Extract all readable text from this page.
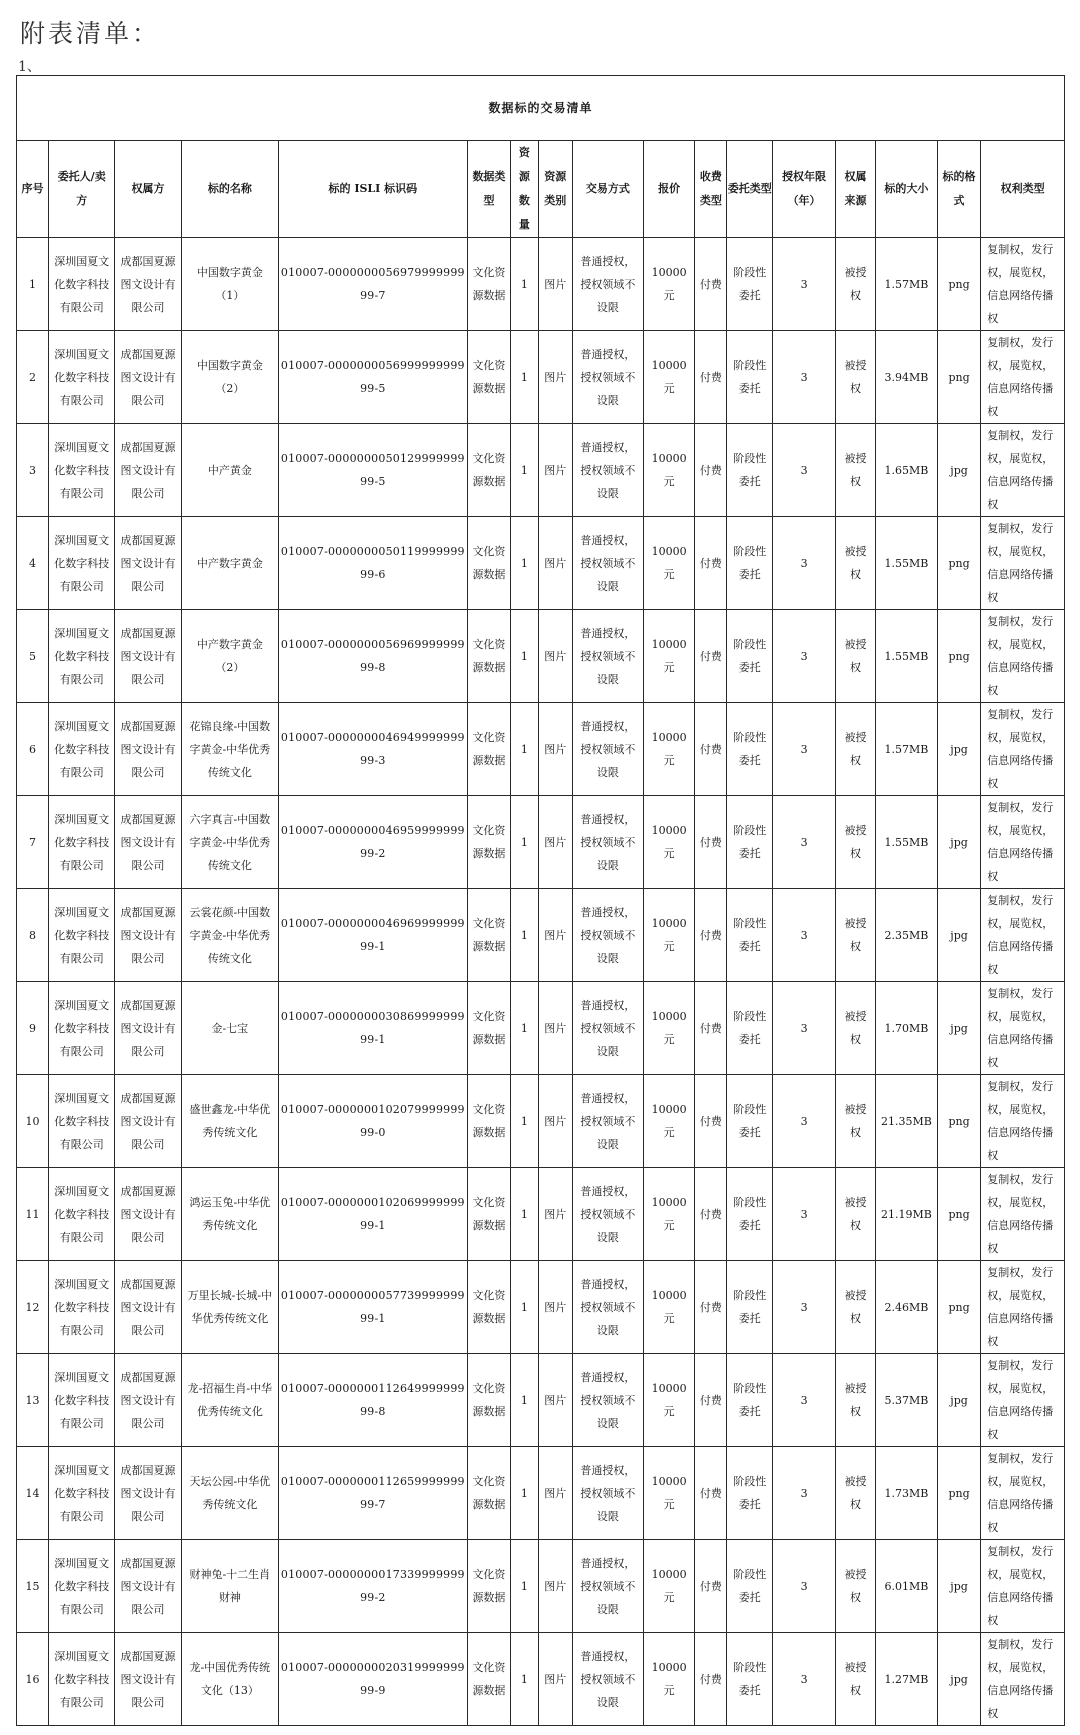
附表清单：
1、
数据标的交易清单																
序号	委托人/卖方	权属方	标的名称	标的 ISLI 标识码	数据类型	资源数量	资源类别	交易方式	报价	收费类型	委托类型	授权年限（年）	权属来源	标的大小	标的格式	权利类型
1	深圳国夏文化数字科技有限公司	成都国夏源图文设计有限公司	中国数字黄金（1）	010007-000000005697999999999-7	文化资源数据	1	图片	普通授权，授权领域不设限	10000元	付费	阶段性委托	3	被授权	1.57MB	png	复制权，发行权，展览权，信息网络传播权
2	深圳国夏文化数字科技有限公司	成都国夏源图文设计有限公司	中国数字黄金（2）	010007-000000005699999999999-5	文化资源数据	1	图片	普通授权，授权领域不设限	10000元	付费	阶段性委托	3	被授权	3.94MB	png	复制权，发行权，展览权，信息网络传播权
3	深圳国夏文化数字科技有限公司	成都国夏源图文设计有限公司	中产黄金	010007-000000005012999999999-5	文化资源数据	1	图片	普通授权，授权领域不设限	10000元	付费	阶段性委托	3	被授权	1.65MB	jpg	复制权，发行权，展览权，信息网络传播权
4	深圳国夏文化数字科技有限公司	成都国夏源图文设计有限公司	中产数字黄金	010007-000000005011999999999-6	文化资源数据	1	图片	普通授权，授权领域不设限	10000元	付费	阶段性委托	3	被授权	1.55MB	png	复制权，发行权，展览权，信息网络传播权
5	深圳国夏文化数字科技有限公司	成都国夏源图文设计有限公司	中产数字黄金（2）	010007-000000005696999999999-8	文化资源数据	1	图片	普通授权，授权领域不设限	10000元	付费	阶段性委托	3	被授权	1.55MB	png	复制权，发行权，展览权，信息网络传播权
6	深圳国夏文化数字科技有限公司	成都国夏源图文设计有限公司	花锦良缘-中国数字黄金-中华优秀传统文化	010007-000000004694999999999-3	文化资源数据	1	图片	普通授权，授权领域不设限	10000元	付费	阶段性委托	3	被授权	1.57MB	jpg	复制权，发行权，展览权，信息网络传播权
7	深圳国夏文化数字科技有限公司	成都国夏源图文设计有限公司	六字真言-中国数字黄金-中华优秀传统文化	010007-000000004695999999999-2	文化资源数据	1	图片	普通授权，授权领域不设限	10000元	付费	阶段性委托	3	被授权	1.55MB	jpg	复制权，发行权，展览权，信息网络传播权
8	深圳国夏文化数字科技有限公司	成都国夏源图文设计有限公司	云裳花颜-中国数字黄金-中华优秀传统文化	010007-000000004696999999999-1	文化资源数据	1	图片	普通授权，授权领域不设限	10000元	付费	阶段性委托	3	被授权	2.35MB	jpg	复制权，发行权，展览权，信息网络传播权
9	深圳国夏文化数字科技有限公司	成都国夏源图文设计有限公司	金-七宝	010007-000000003086999999999-1	文化资源数据	1	图片	普通授权，授权领域不设限	10000元	付费	阶段性委托	3	被授权	1.70MB	jpg	复制权，发行权，展览权，信息网络传播权
10	深圳国夏文化数字科技有限公司	成都国夏源图文设计有限公司	盛世鑫龙-中华优秀传统文化	010007-000000010207999999999-0	文化资源数据	1	图片	普通授权，授权领域不设限	10000元	付费	阶段性委托	3	被授权	21.35MB	png	复制权，发行权，展览权，信息网络传播权
11	深圳国夏文化数字科技有限公司	成都国夏源图文设计有限公司	鸿运玉兔-中华优秀传统文化	010007-000000010206999999999-1	文化资源数据	1	图片	普通授权，授权领域不设限	10000元	付费	阶段性委托	3	被授权	21.19MB	png	复制权，发行权，展览权，信息网络传播权
12	深圳国夏文化数字科技有限公司	成都国夏源图文设计有限公司	万里长城-长城-中华优秀传统文化	010007-000000005773999999999-1	文化资源数据	1	图片	普通授权，授权领域不设限	10000元	付费	阶段性委托	3	被授权	2.46MB	png	复制权，发行权，展览权，信息网络传播权
13	深圳国夏文化数字科技有限公司	成都国夏源图文设计有限公司	龙-招福生肖-中华优秀传统文化	010007-000000011264999999999-8	文化资源数据	1	图片	普通授权，授权领域不设限	10000元	付费	阶段性委托	3	被授权	5.37MB	jpg	复制权，发行权，展览权，信息网络传播权
14	深圳国夏文化数字科技有限公司	成都国夏源图文设计有限公司	天坛公园-中华优秀传统文化	010007-000000011265999999999-7	文化资源数据	1	图片	普通授权，授权领域不设限	10000元	付费	阶段性委托	3	被授权	1.73MB	png	复制权，发行权，展览权，信息网络传播权
15	深圳国夏文化数字科技有限公司	成都国夏源图文设计有限公司	财神兔-十二生肖财神	010007-000000001733999999999-2	文化资源数据	1	图片	普通授权，授权领域不设限	10000元	付费	阶段性委托	3	被授权	6.01MB	jpg	复制权，发行权，展览权，信息网络传播权
16	深圳国夏文化数字科技有限公司	成都国夏源图文设计有限公司	龙-中国优秀传统文化（13）	010007-000000002031999999999-9	文化资源数据	1	图片	普通授权，授权领域不设限	10000元	付费	阶段性委托	3	被授权	1.27MB	jpg	复制权，发行权，展览权，信息网络传播权
